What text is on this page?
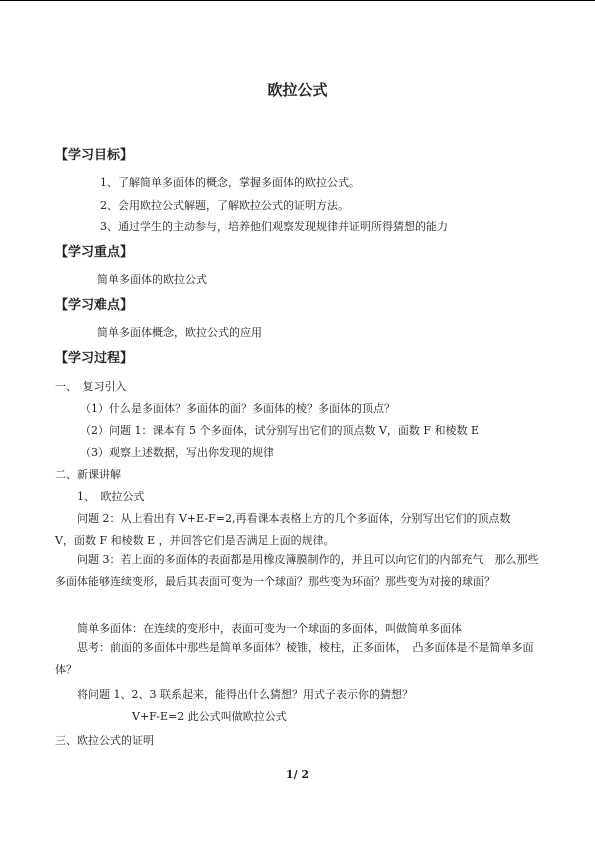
欧拉公式
【学习目标】
1、了解简单多面体的概念，掌握多面体的欧拉公式。
2、会用欧拉公式解题，了解欧拉公式的证明方法。
3、通过学生的主动参与，培养他们观察发现规律并证明所得猜想的能力
【学习重点】
简单多面体的欧拉公式
【学习难点】
简单多面体概念，欧拉公式的应用
【学习过程】
一、　复习引入
（1）什么是多面体？多面体的面？多面体的棱？多面体的顶点？
（2）问题 1：课本有 5 个多面体，试分别写出它们的顶点数 V，面数 F 和棱数 E
（3）观察上述数据，写出你发现的规律
二、新课讲解
1、　欧拉公式
问题 2：从上看出有 V+E-F=2,再看课本表格上方的几个多面体，分别写出它们的顶点数
V，面数 F 和棱数 E ，并回答它们是否满足上面的规律。
问题 3：若上面的多面体的表面都是用橡皮簿膜制作的，并且可以向它们的内部充气　那么那些多面体能够连续变形，最后其表面可变为一个球面？那些变为环面？那些变为对接的球面？
简单多面体：在连续的变形中，表面可变为一个球面的多面体，叫做简单多面体
思考：前面的多面体中那些是简单多面体？棱锥，棱柱，正多面体，　凸多面体是不是简单多面体？
将问题 1、2、3 联系起来，能得出什么猜想？用式子表示你的猜想？
V+F-E=2 此公式叫做欧拉公式
三、欧拉公式的证明
1/ 2
